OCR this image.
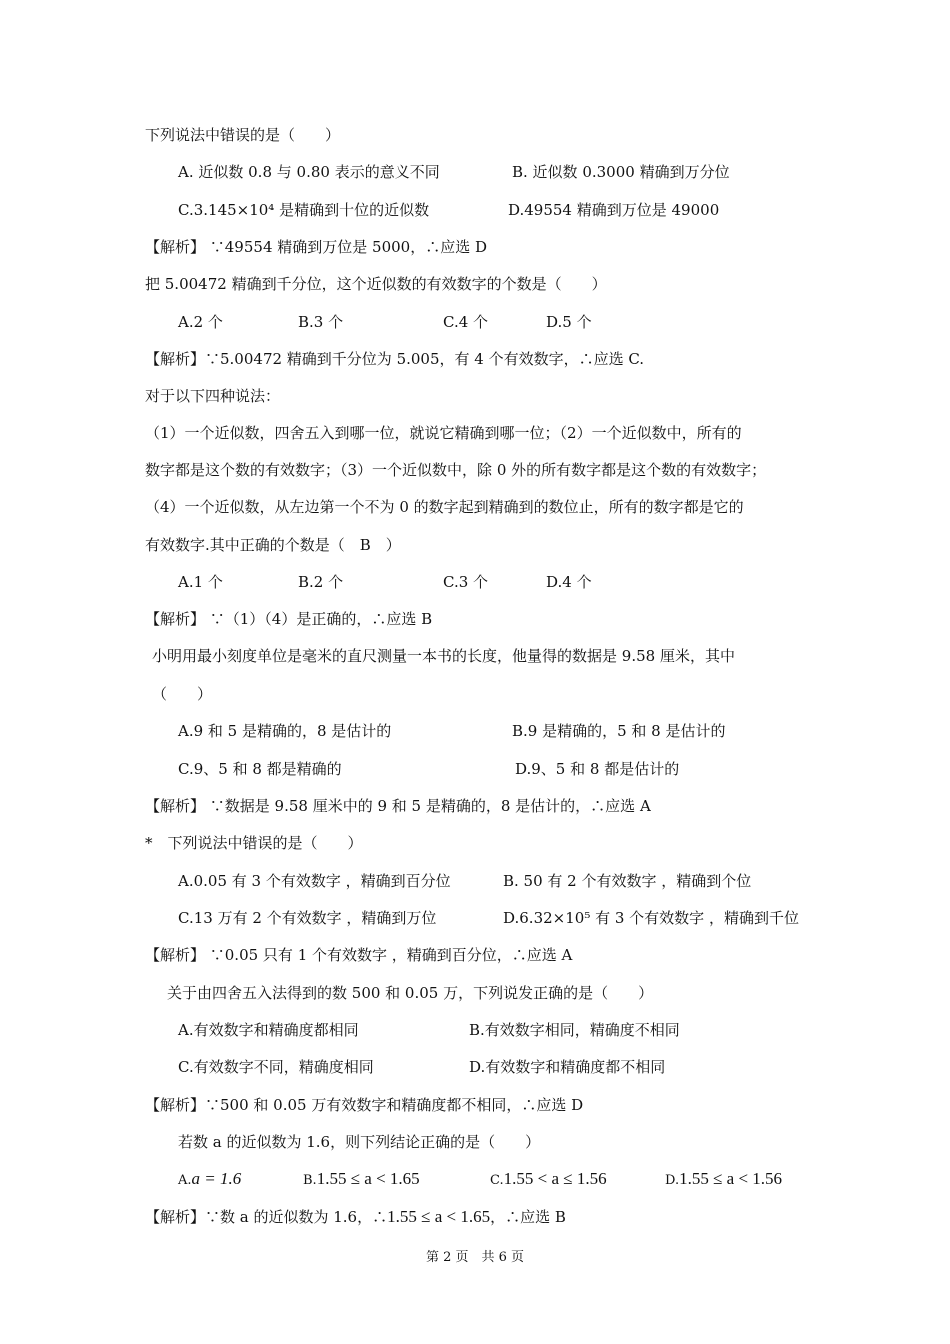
下列说法中错误的是（　　）
A. 近似数 0.8 与 0.80 表示的意义不同	B. 近似数 0.3000 精确到万分位
C.3.145×10⁴ 是精确到十位的近似数	D.49554 精确到万位是 49000
【解析】 ∵49554 精确到万位是 5000，∴应选 D
把 5.00472 精确到千分位，这个近似数的有效数字的个数是（　　）
A.2 个	B.3 个	C.4 个	D.5 个
【解析】∵5.00472 精确到千分位为 5.005，有 4 个有效数字，∴应选 C.
对于以下四种说法：
（1）一个近似数，四舍五入到哪一位，就说它精确到哪一位；（2）一个近似数中，所有的
数字都是这个数的有效数字；（3）一个近似数中，除 0 外的所有数字都是这个数的有效数字；
（4）一个近似数，从左边第一个不为 0 的数字起到精确到的数位止，所有的数字都是它的
有效数字.其中正确的个数是（　B　）
A.1 个	B.2 个	C.3 个	D.4 个
【解析】 ∵（1）（4）是正确的，∴应选 B
小明用最小刻度单位是毫米的直尺测量一本书的长度，他量得的数据是 9.58 厘米，其中
（　　）
A.9 和 5 是精确的，8 是估计的	B.9 是精确的，5 和 8 是估计的
C.9、5 和 8 都是精确的	D.9、5 和 8 都是估计的
【解析】 ∵数据是 9.58 厘米中的 9 和 5 是精确的，8 是估计的，∴应选 A
*　下列说法中错误的是（　　）
A.0.05 有 3 个有效数字 ，精确到百分位	B. 50 有 2 个有效数字 ，精确到个位
C.13 万有 2 个有效数字 ，精确到万位	D.6.32×10⁵ 有 3 个有效数字 ，精确到千位
【解析】 ∵0.05 只有 1 个有效数字 ，精确到百分位，∴应选 A
关于由四舍五入法得到的数 500 和 0.05 万，下列说发正确的是（　　）
A.有效数字和精确度都相同	B.有效数字相同，精确度不相同
C.有效数字不同，精确度相同	D.有效数字和精确度都不相同
【解析】∵500 和 0.05 万有效数字和精确度都不相同，∴应选 D
若数 a 的近似数为 1.6，则下列结论正确的是（　　）
A.a = 1.6	B.1.55 ≤ a < 1.65	C.1.55 < a ≤ 1.56	D.1.55 ≤ a < 1.56
【解析】∵数 a 的近似数为 1.6，∴1.55 ≤ a < 1.65，∴应选 B
第 2 页　共 6 页
